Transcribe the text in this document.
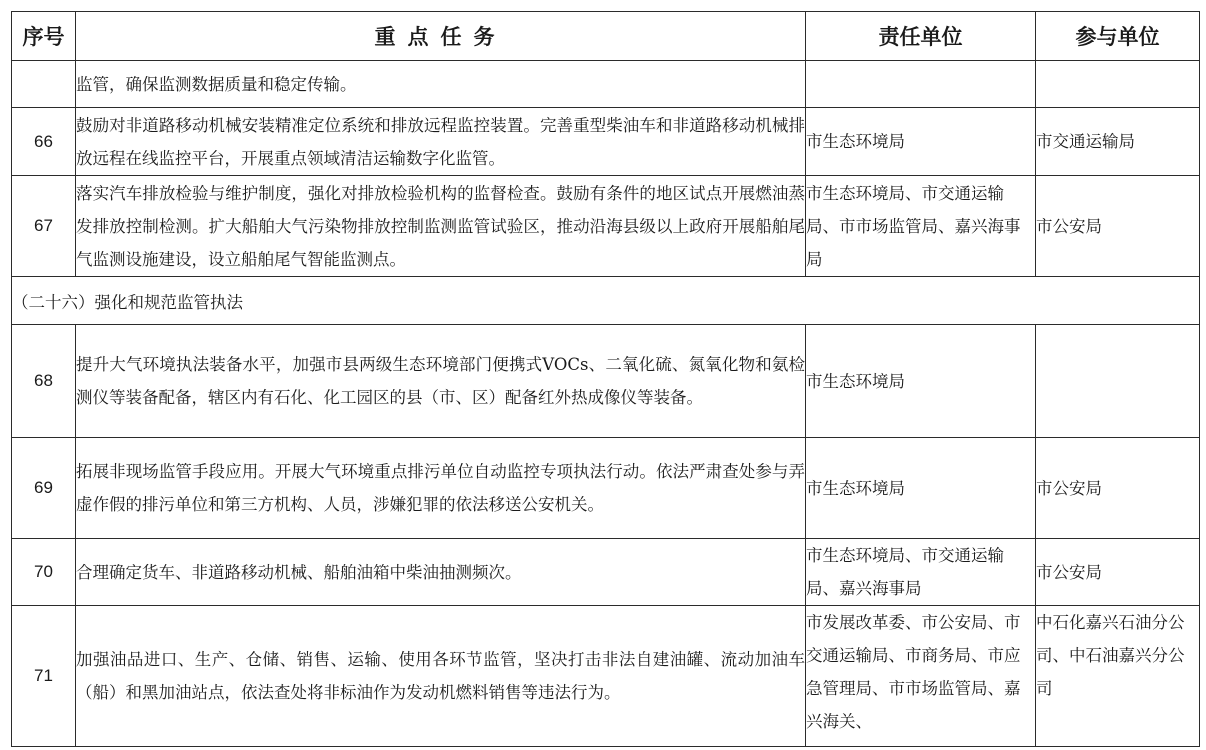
序号	重点任务	责任单位	参与单位
	监管，确保监测数据质量和稳定传输。		
66	鼓励对非道路移动机械安装精准定位系统和排放远程监控装置。完善重型柴油车和非道路移动机械排放远程在线监控平台，开展重点领域清洁运输数字化监管。	市生态环境局	市交通运输局
67	落实汽车排放检验与维护制度，强化对排放检验机构的监督检查。鼓励有条件的地区试点开展燃油蒸发排放控制检测。扩大船舶大气污染物排放控制监测监管试验区，推动沿海县级以上政府开展船舶尾气监测设施建设，设立船舶尾气智能监测点。	市生态环境局、市交通运输局、市市场监管局、嘉兴海事局	市公安局
（二十六）强化和规范监管执法			
68	提升大气环境执法装备水平，加强市县两级生态环境部门便携式VOCs、二氧化硫、氮氧化物和氨检测仪等装备配备，辖区内有石化、化工园区的县（市、区）配备红外热成像仪等装备。	市生态环境局	
69	拓展非现场监管手段应用。开展大气环境重点排污单位自动监控专项执法行动。依法严肃查处参与弄虚作假的排污单位和第三方机构、人员，涉嫌犯罪的依法移送公安机关。	市生态环境局	市公安局
70	合理确定货车、非道路移动机械、船舶油箱中柴油抽测频次。	市生态环境局、市交通运输局、嘉兴海事局	市公安局
71	加强油品进口、生产、仓储、销售、运输、使用各环节监管，坚决打击非法自建油罐、流动加油车（船）和黑加油站点，依法查处将非标油作为发动机燃料销售等违法行为。	市发展改革委、市公安局、市交通运输局、市商务局、市应急管理局、市市场监管局、嘉兴海关、	中石化嘉兴石油分公司、中石油嘉兴分公司
